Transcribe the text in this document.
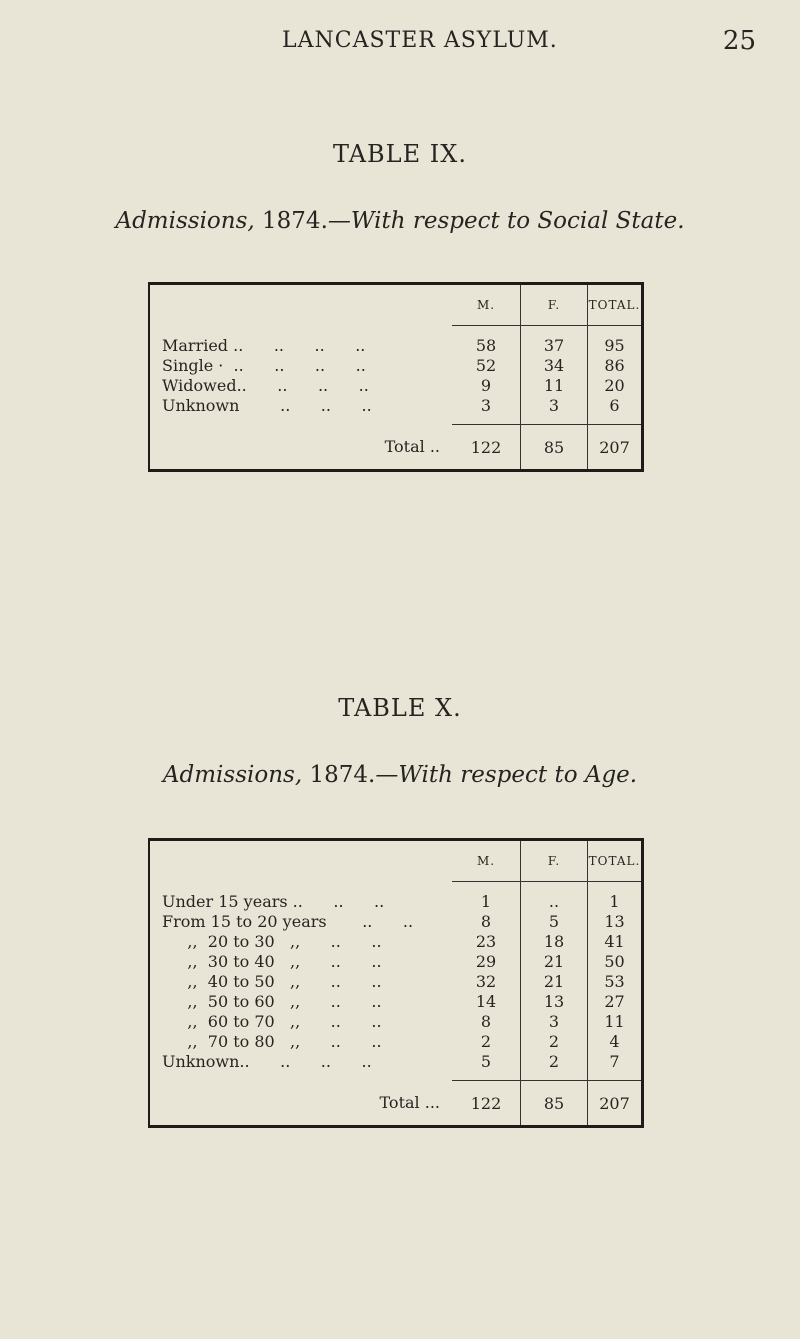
LANCASTER ASYLUM.	25
TABLE IX.
Admissions, 1874.—With respect to Social State.
	M.	F.	TOTAL.
Married ..      ..      ..      ..	58	37	95
Single ·  ..      ..      ..      ..	52	34	86
Widowed..      ..      ..      ..	9	11	20
Unknown        ..      ..      ..	3	3	6

Total ..	122	85	207
TABLE X.
Admissions, 1874.—With respect to Age.
	M.	F.	TOTAL.
Under 15 years ..      ..      ..	1	..	1
From 15 to 20 years       ..      ..	8	5	13
,,  20 to 30   ,,      ..      ..	23	18	41
,,  30 to 40   ,,      ..      ..	29	21	50
,,  40 to 50   ,,      ..      ..	32	21	53
,,  50 to 60   ,,      ..      ..	14	13	27
,,  60 to 70   ,,      ..      ..	8	3	11
,,  70 to 80   ,,      ..      ..	2	2	4
Unknown..      ..      ..      ..	5	2	7

Total ...	122	85	207
